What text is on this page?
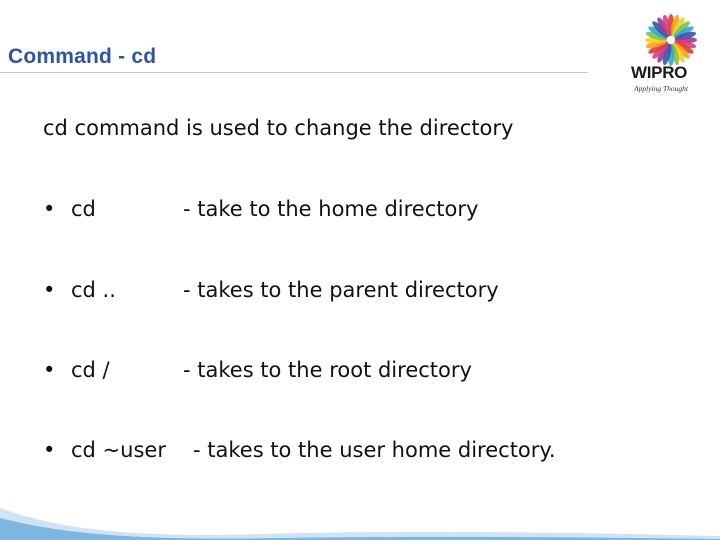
Command - cd
WIPRO
Applying Thought
cd command is used to change the directory
• cd	- take to the home directory
• cd ..	- takes to the parent directory
• cd /	- takes to the root directory
• cd ~user - takes to the user home directory.
